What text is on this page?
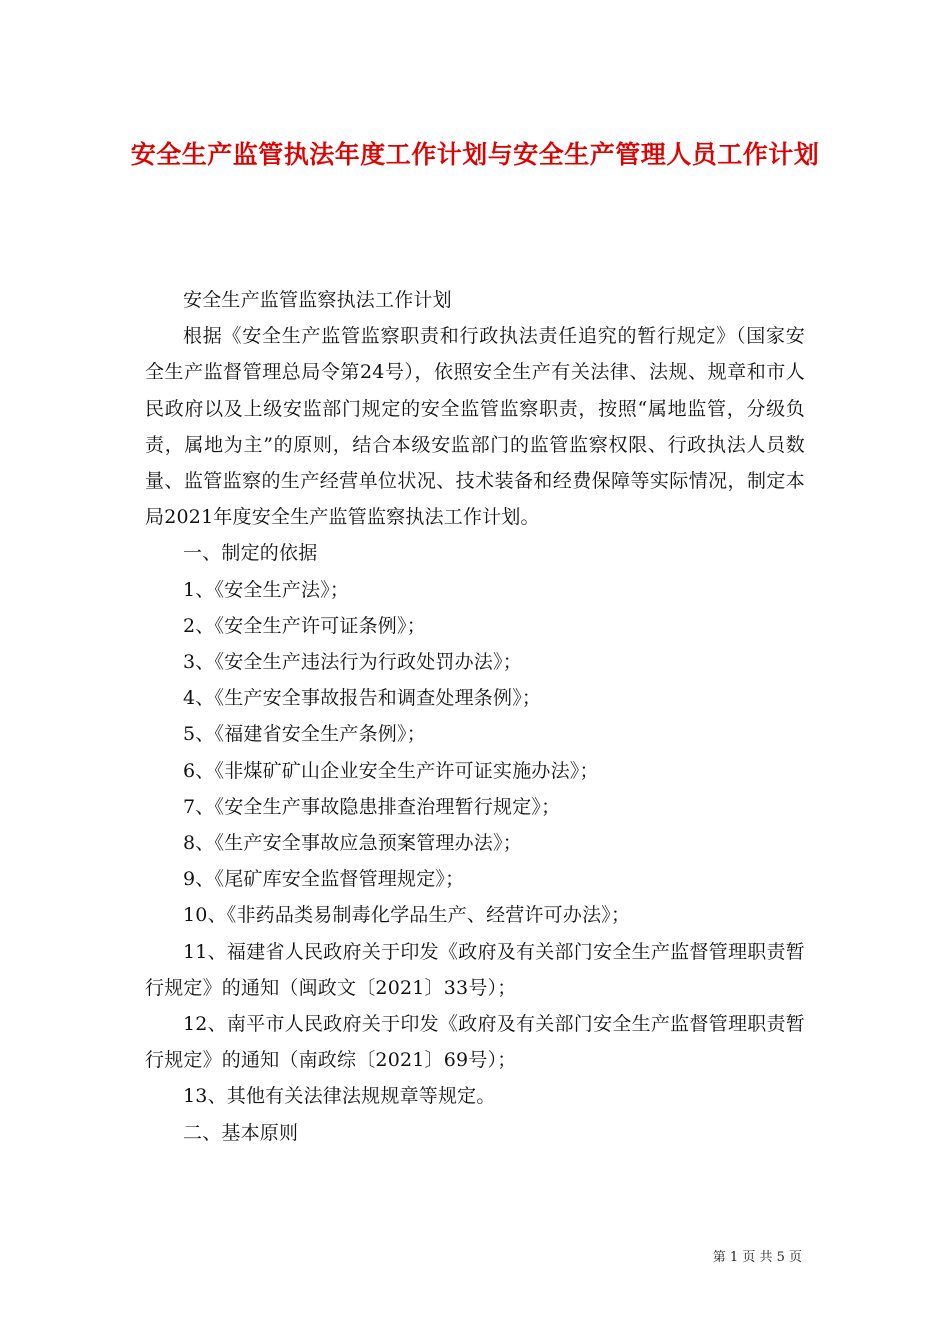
安全生产监管执法年度工作计划与安全生产管理人员工作计划

安全生产监管监察执法工作计划

根据《安全生产监管监察职责和行政执法责任追究的暂行规定》（国家安全生产监督管理总局令第24号），依照安全生产有关法律、法规、规章和市人民政府以及上级安监部门规定的安全监管监察职责，按照“属地监管，分级负责，属地为主”的原则，结合本级安监部门的监管监察权限、行政执法人员数量、监管监察的生产经营单位状况、技术装备和经费保障等实际情况，制定本局2021年度安全生产监管监察执法工作计划。

一、制定的依据

1、《安全生产法》；

2、《安全生产许可证条例》；

3、《安全生产违法行为行政处罚办法》；

4、《生产安全事故报告和调查处理条例》；

5、《福建省安全生产条例》；

6、《非煤矿矿山企业安全生产许可证实施办法》；

7、《安全生产事故隐患排查治理暂行规定》；

8、《生产安全事故应急预案管理办法》；

9、《尾矿库安全监督管理规定》；

10、《非药品类易制毒化学品生产、经营许可办法》；

11、福建省人民政府关于印发《政府及有关部门安全生产监督管理职责暂行规定》的通知（闽政文〔2021〕33号）；

12、南平市人民政府关于印发《政府及有关部门安全生产监督管理职责暂行规定》的通知（南政综〔2021〕69号）；

13、其他有关法律法规规章等规定。

二、基本原则

第 1 页 共 5 页
